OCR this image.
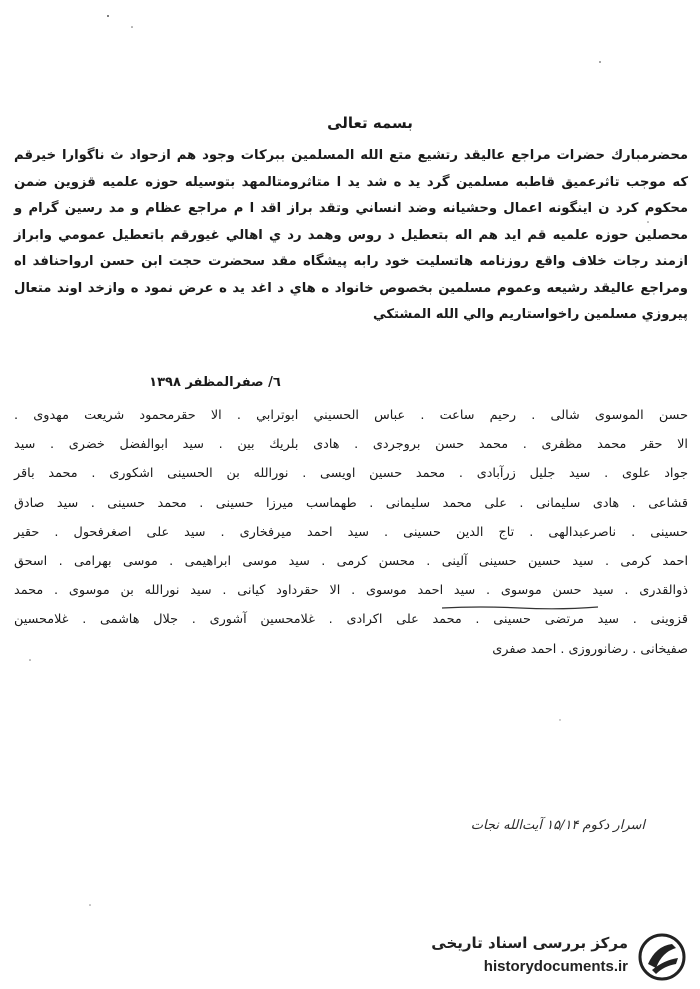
بسمه تعالی
محضرمبارك حضرات مراجع عاليقد رتشيع متع الله المسلمين ببركات وجود هم ازحواد ث ناگوارا خيرقم
كه موجب تاثرعميق قاطبه مسلمين گرد يد ه شد يد ا متاثرومتالمهد بتوسيله حوزه علميه قزوين ضمن
محكوم كرد ن اينگونه اعمال وحشيانه وضد انساني وتقد براز اقد ا م مراجع عظام و مد رسين گرام و
محصلين حوزه علميه قم ايد هم اله بتعطيل د روس وهمد رد ي اهالي غيورقم باتعطيل عمومي وابراز
ازمند رجات خلاف واقع روزنامه هاتسليت خود رابه پيشگاه مقد سحضرت حجت ابن حسن ارواحنافد اه
ومراجع عاليقد رشيعه وعموم مسلمين بخصوص خانواد ه هاي د اغد يد ه عرض نمود ه وازخد اوند متعال
پيروزي مسلمين راخواستاريم والي الله المشتكي
٦/ صفرالمظفر ١٣٩٨
حسن الموسوی شالی . رحيم ساعت . عباس الحسيني ابوترابي . الا حقرمحمود شريعت مهدوی .
الا حقر محمد مظفری . محمد حسن بروجردی . هادی بلريك بين . سيد ابوالفضل خضری . سيد
جواد علوی . سيد جليل زرآبادی . محمد حسين اويسی . نورالله بن الحسينی اشكوری . محمد باقر
قشاعی . هادی سليمانی . علی محمد سليمانی . طهماسب ميرزا حسينی . محمد حسينی . سيد صادق
حسينی . ناصرعبدالهی . تاج الدين حسينی . سيد احمد ميرفخاری . سيد علی اصغرفحول . حقير
احمد كرمی . سيد حسين حسينی آلينی . محسن كرمی . سيد موسی ابراهيمی . موسی بهرامی . اسحق
ذوالقدری . سيد حسن موسوی . سيد احمد موسوی . الا حقرداود كيانی . سيد نورالله بن موسوی . محمد
قزوينی . سيد مرتضی حسينی . محمد علی اكرادی . غلامحسين آشوری . جلال هاشمی . غلامحسين
صفيخانی . رضانوروزی . احمد صفری
اسرار دکوم ۱۵/۱۴ آیت‌الله نجات
مرکز بررسی اسناد تاریخی
historydocuments.ir
